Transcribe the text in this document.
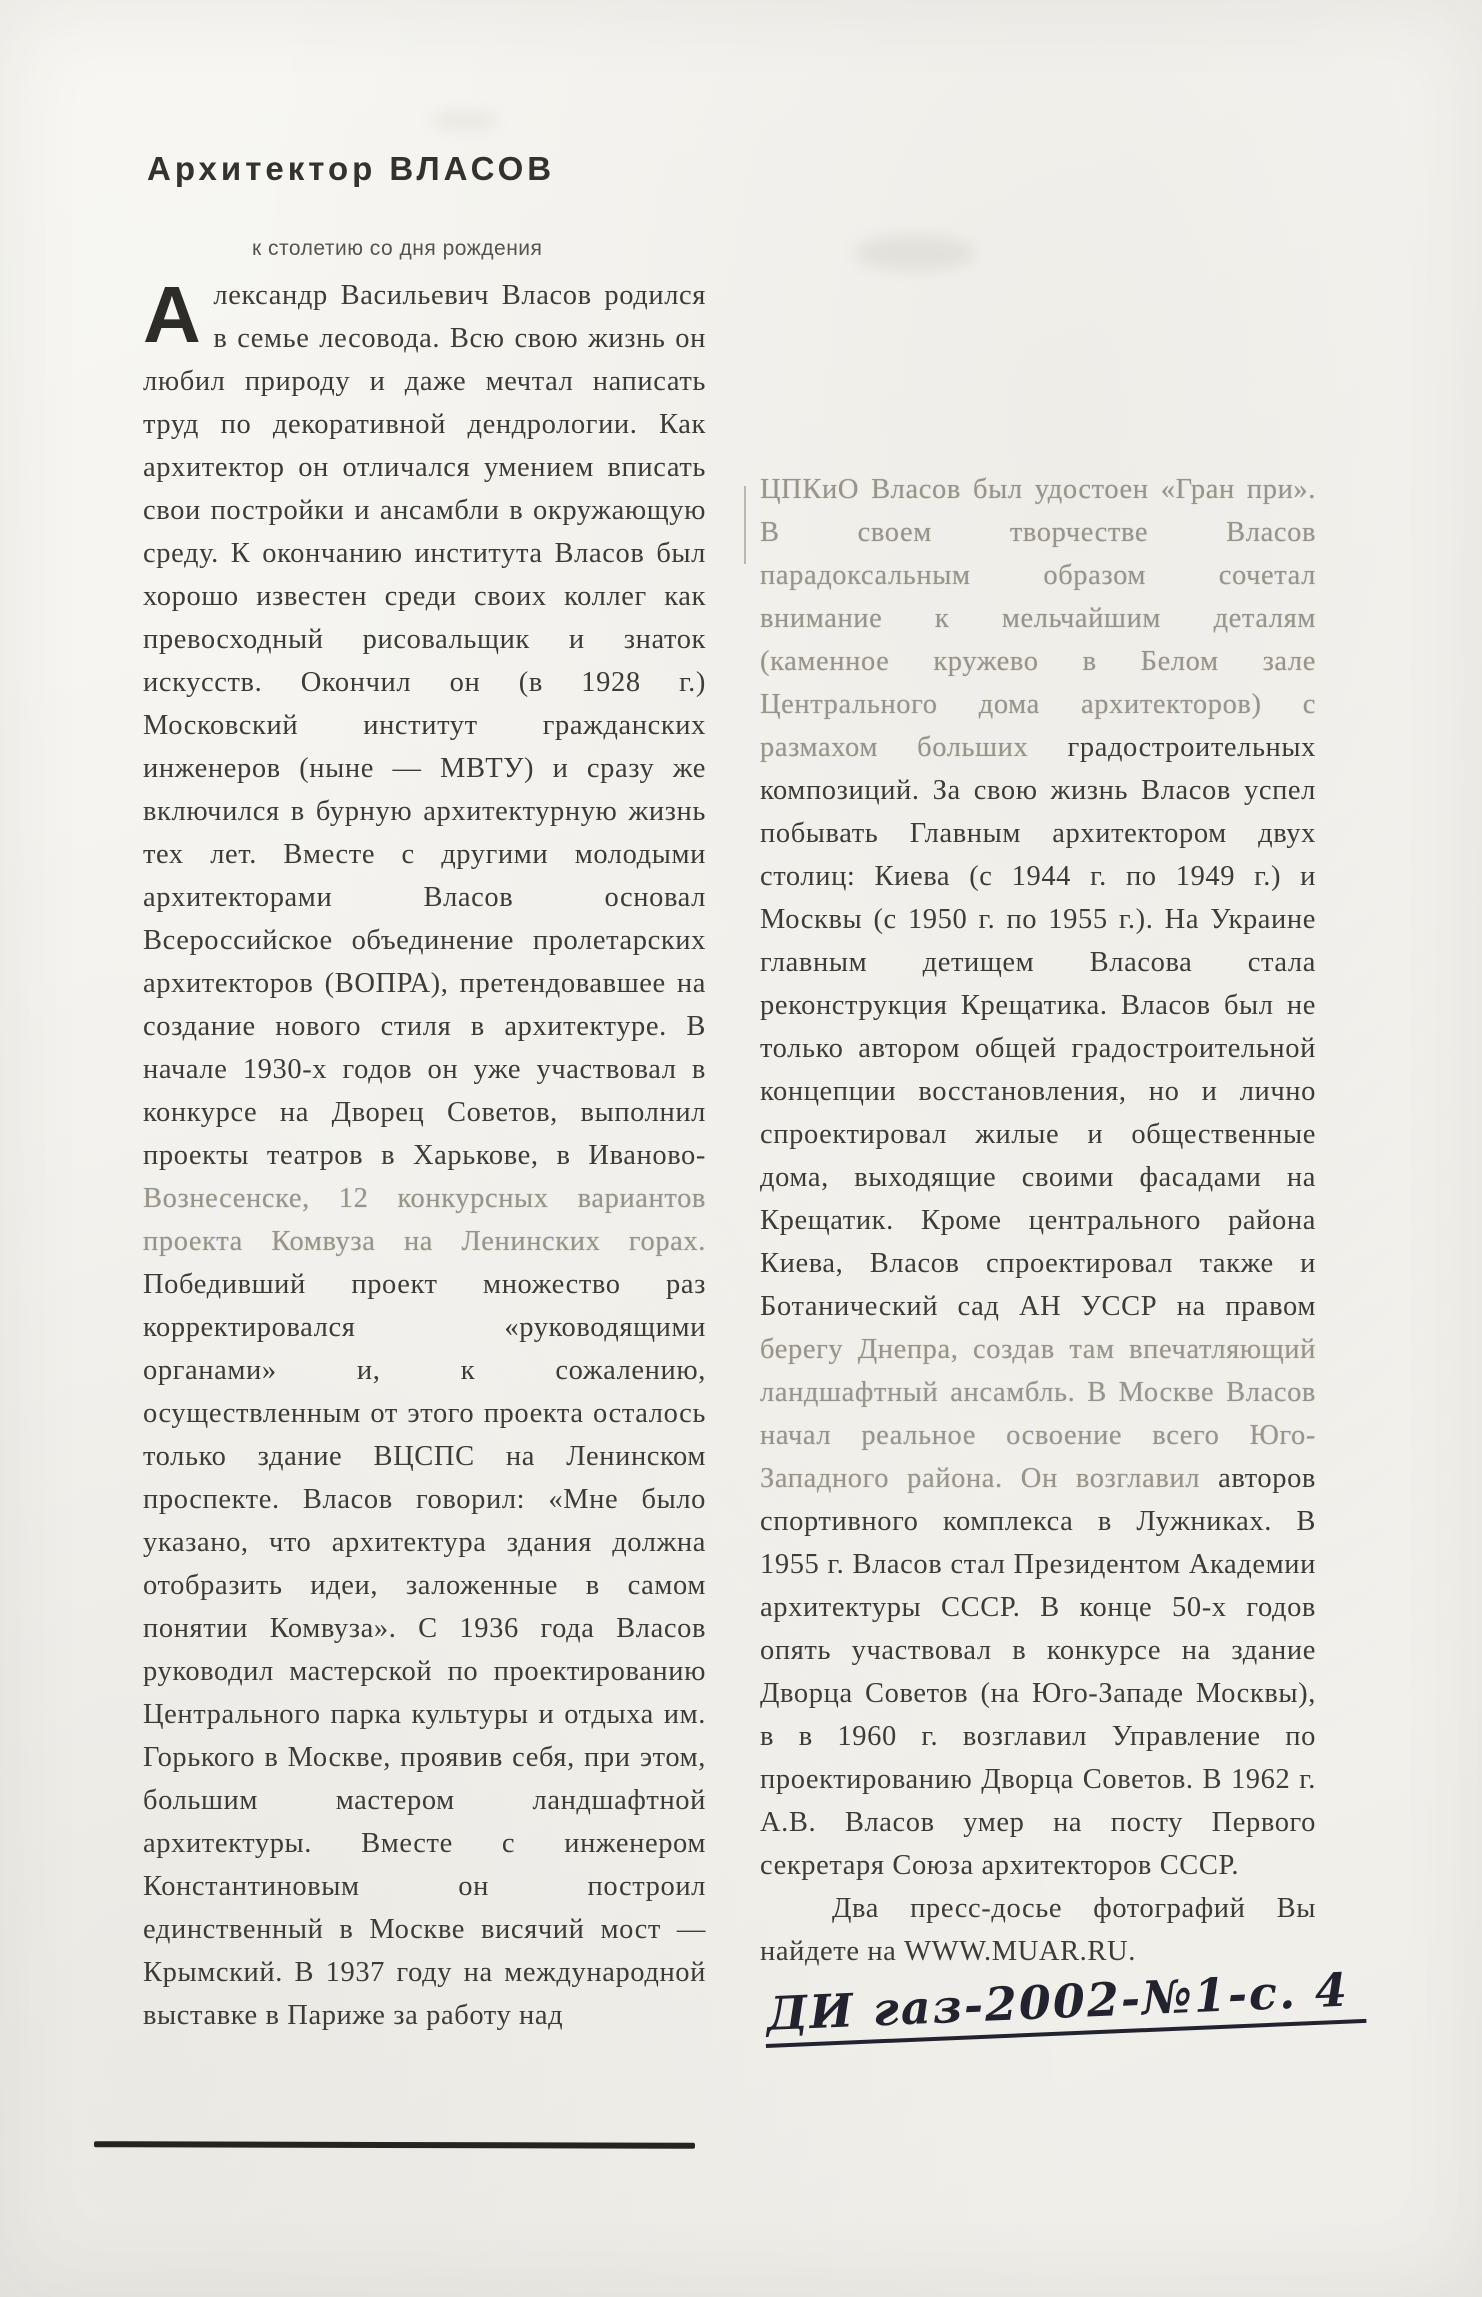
Архитектор ВЛАСОВ
к столетию со дня рождения

Александр Васильевич Власов родился в семье лесовода. Всю свою жизнь он любил природу и даже мечтал написать труд по декоративной дендрологии. Как архитектор он отличался умением вписать свои постройки и ансамбли в окружающую среду. К окончанию института Власов был хорошо известен среди своих коллег как превосходный рисовальщик и знаток искусств. Окончил он (в 1928 г.) Московский институт гражданских инженеров (ныне — МВТУ) и сразу же включился в бурную архитектурную жизнь тех лет. Вместе с другими молодыми архитекторами Власов основал Всероссийское объединение пролетарских архитекторов (ВОПРА), претендовавшее на создание нового стиля в архитектуре. В начале 1930-х годов он уже участвовал в конкурсе на Дворец Советов, выполнил проекты театров в Харькове, в Иваново-Вознесенске, 12 конкурсных вариантов проекта Комвуза на Ленинских горах. Победивший проект множество раз корректировался «руководящими органами» и, к сожалению, осуществленным от этого проекта осталось только здание ВЦСПС на Ленинском проспекте. Власов говорил: «Мне было указано, что архитектура здания должна отобразить идеи, заложенные в самом понятии Комвуза». С 1936 года Власов руководил мастерской по проектированию Центрального парка культуры и отдыха им. Горького в Москве, проявив себя, при этом, большим мастером ландшафтной архитектуры. Вместе с инженером Константиновым он построил единственный в Москве висячий мост — Крымский. В 1937 году на международной выставке в Париже за работу над

ЦПКиО Власов был удостоен «Гран при». В своем творчестве Власов парадоксальным образом сочетал внимание к мельчайшим деталям (каменное кружево в Белом зале Центрального дома архитекторов) с размахом больших градостроительных композиций. За свою жизнь Власов успел побывать Главным архитектором двух столиц: Киева (с 1944 г. по 1949 г.) и Москвы (с 1950 г. по 1955 г.). На Украине главным детищем Власова стала реконструкция Крещатика. Власов был не только автором общей градостроительной концепции восстановления, но и лично спроектировал жилые и общественные дома, выходящие своими фасадами на Крещатик. Кроме центрального района Киева, Власов спроектировал также и Ботанический сад АН УССР на правом берегу Днепра, создав там впечатляющий ландшафтный ансамбль. В Москве Власов начал реальное освоение всего Юго-Западного района. Он возглавил авторов спортивного комплекса в Лужниках. В 1955 г. Власов стал Президентом Академии архитектуры СССР. В конце 50-х годов опять участвовал в конкурсе на здание Дворца Советов (на Юго-Западе Москвы), в в 1960 г. возглавил Управление по проектированию Дворца Советов. В 1962 г. А.В. Власов умер на посту Первого секретаря Союза архитекторов СССР.

Два пресс-досье фотографий Вы найдете на WWW.MUAR.RU.

ДИ газ-2002-№1-с. 4
